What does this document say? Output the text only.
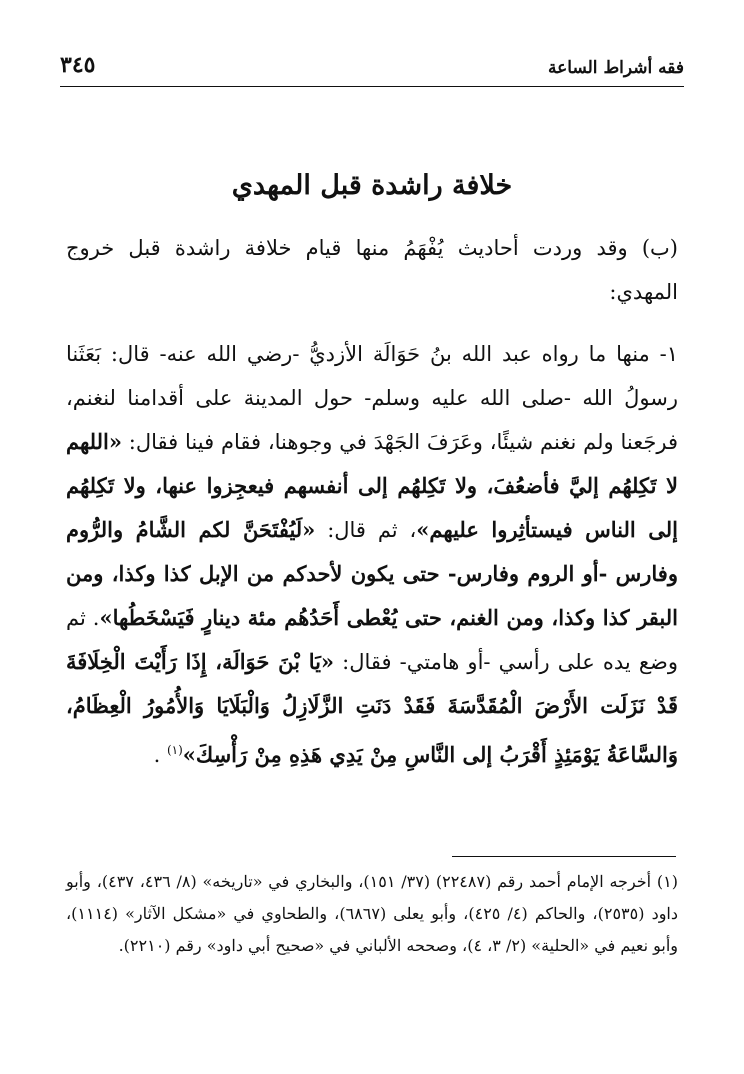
فقه أشراط الساعة
٣٤٥
خلافة راشدة قبل المهدي

(ب) وقد وردت أحاديث يُفْهَمُ منها قيام خلافة راشدة قبل خروج المهدي:

١- منها ما رواه عبد الله بنُ حَوَالَة الأزديُّ -رضي الله عنه- قال: بَعَثَنا رسولُ الله -صلى الله عليه وسلم- حول المدينة على أقدامنا لنغنم، فرجَعنا ولم نغنم شيئًا، وعَرَفَ الجَهْدَ في وجوهنا، فقام فينا فقال: «اللهم لا تَكِلهُم إليَّ فأضعُفَ، ولا تَكِلهُم إلى أنفسهم فيعجِزوا عنها، ولا تَكِلهُم إلى الناس فيستأثِروا عليهم»، ثم قال: «لَيُفْتَحَنَّ لكم الشَّامُ والرُّوم وفارس -أو الروم وفارس- حتى يكون لأحدكم من الإبل كذا وكذا، ومن البقر كذا وكذا، ومن الغنم، حتى يُعْطى أَحَدُهُم مئة دينارٍ فَيَسْخَطُها». ثم وضع يده على رأسي -أو هامتي- فقال: «يَا بْنَ حَوَالَة، إِذَا رَأَيْتَ الْخِلَافَةَ قَدْ نَزَلَت الأَرْضَ الْمُقَدَّسَةَ فَقَدْ دَنَتِ الزَّلَازِلُ وَالْبَلَايَا وَالأُمُورُ الْعِظَامُ، وَالسَّاعَةُ يَوْمَئِذٍ أَقْرَبُ إلى النَّاسِ مِنْ يَدِي هَذِهِ مِنْ رَأْسِكَ»$^{(١)}$ .

(١) أخرجه الإمام أحمد رقم (٢٢٤٨٧) (٣٧/ ١٥١)، والبخاري في «تاريخه» (٨/ ٤٣٦، ٤٣٧)، وأبو داود (٢٥٣٥)، والحاكم (٤/ ٤٢٥)، وأبو يعلى (٦٨٦٧)، والطحاوي في «مشكل الآثار» (١١١٤)، وأبو نعيم في «الحلية» (٢/ ٣، ٤)، وصححه الألباني في «صحيح أبي داود» رقم (٢٢١٠).
